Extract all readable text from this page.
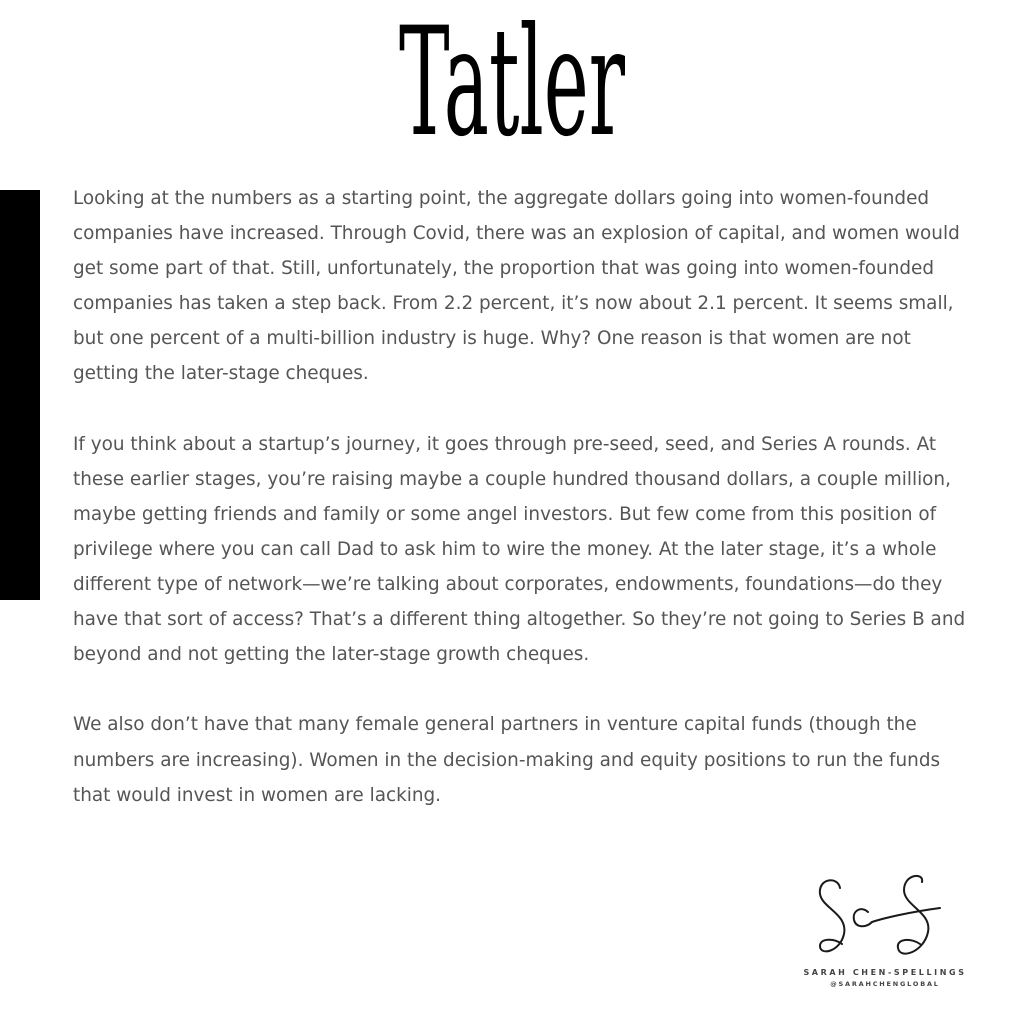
Tatler

Looking at the numbers as a starting point, the aggregate dollars going into women-founded companies have increased. Through Covid, there was an explosion of capital, and women would get some part of that. Still, unfortunately, the proportion that was going into women-founded companies has taken a step back. From 2.2 percent, it’s now about 2.1 percent. It seems small, but one percent of a multi-billion industry is huge. Why? One reason is that women are not getting the later-stage cheques.

If you think about a startup’s journey, it goes through pre-seed, seed, and Series A rounds. At these earlier stages, you’re raising maybe a couple hundred thousand dollars, a couple million, maybe getting friends and family or some angel investors. But few come from this position of privilege where you can call Dad to ask him to wire the money. At the later stage, it’s a whole different type of network—we’re talking about corporates, endowments, foundations—do they have that sort of access? That’s a different thing altogether. So they’re not going to Series B and beyond and not getting the later-stage growth cheques.

We also don’t have that many female general partners in venture capital funds (though the numbers are increasing). Women in the decision-making and equity positions to run the funds that would invest in women are lacking.

SARAH CHEN-SPELLINGS
@SARAHCHENGLOBAL
